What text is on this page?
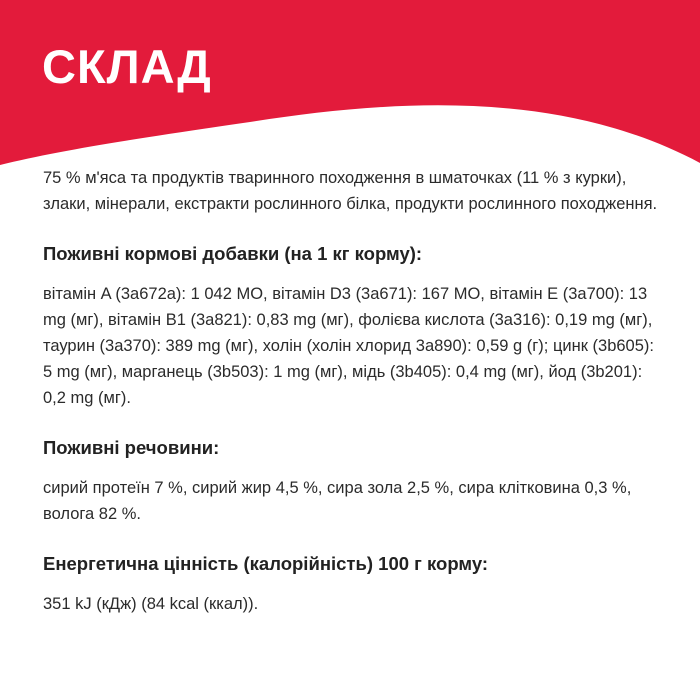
СКЛАД

75 % м'яса та продуктів тваринного походження в шматочках (11 % з курки), злаки, мінерали, екстракти рослинного білка, продукти рослинного походження.

Поживні кормові добавки (на 1 кг корму):

вітамін A (3a672a): 1 042 МО, вітамін D3 (3a671): 167 МО, вітамін E (3a700): 13 mg (мг), вітамін B1 (3a821): 0,83 mg (мг), фолієва кислота (3a316): 0,19 mg (мг), таурин (3a370): 389 mg (мг), холін (холін хлорид 3a890): 0,59 g (г); цинк (3b605): 5 mg (мг), марганець (3b503): 1 mg (мг), мідь (3b405): 0,4 mg (мг), йод (3b201): 0,2 mg (мг).

Поживні речовини:

сирий протеїн 7 %, сирий жир 4,5 %, сира зола 2,5 %, сира клітковина 0,3 %, волога 82 %.

Енергетична цінність (калорійність) 100 г корму:

351 kJ (кДж) (84 kcal (ккал)).
